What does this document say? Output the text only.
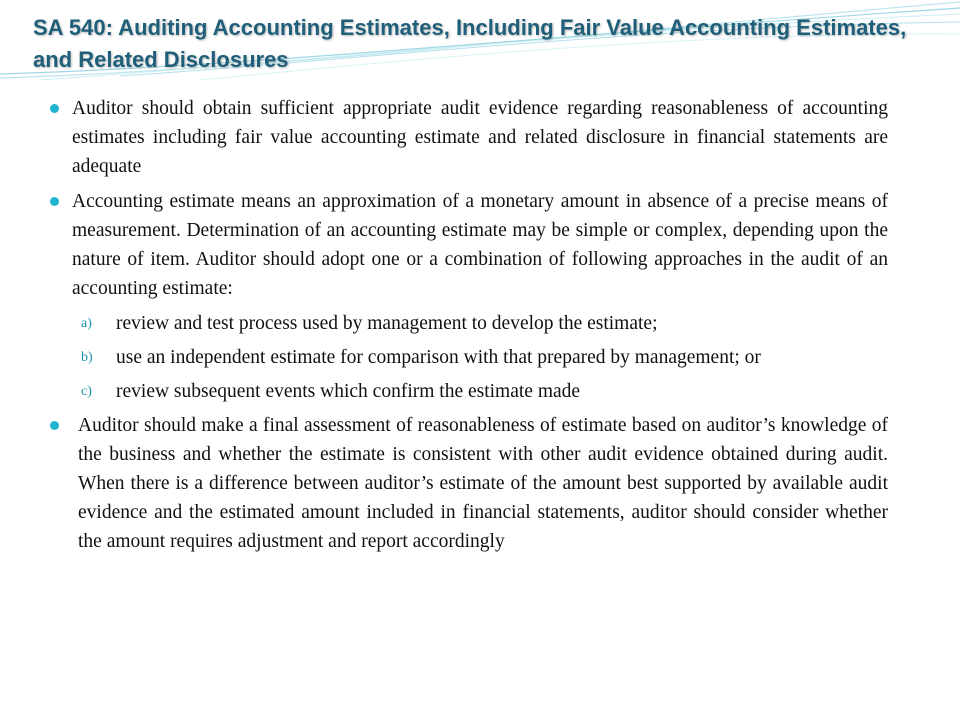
SA 540: Auditing Accounting Estimates, Including Fair Value Accounting Estimates, and Related Disclosures

Auditor should obtain sufficient appropriate audit evidence regarding reasonableness of accounting estimates including fair value accounting estimate and related disclosure in financial statements are adequate

Accounting estimate means an approximation of a monetary amount in absence of a precise means of measurement. Determination of an accounting estimate may be simple or complex, depending upon the nature of item. Auditor should adopt one or a combination of following approaches in the audit of an accounting estimate:

a) review and test process used by management to develop the estimate;

b) use an independent estimate for comparison with that prepared by management; or

c) review subsequent events which confirm the estimate made

Auditor should make a final assessment of reasonableness of estimate based on auditor’s knowledge of the business and whether the estimate is consistent with other audit evidence obtained during audit. When there is a difference between auditor’s estimate of the amount best supported by available audit evidence and the estimated amount included in financial statements, auditor should consider whether the amount requires adjustment and report accordingly
